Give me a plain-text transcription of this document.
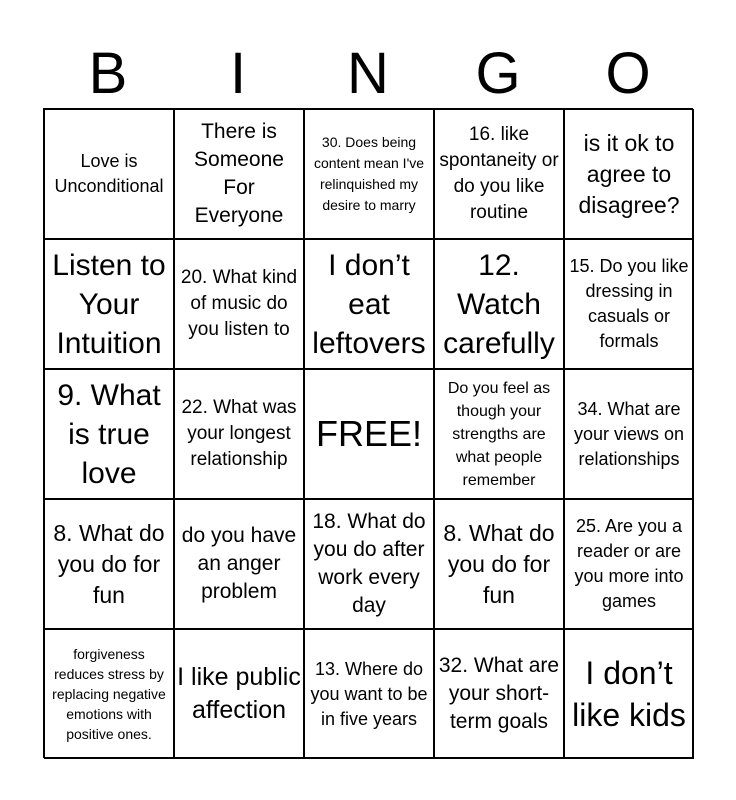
B	I	N	G	O
Love is Unconditional
There is Someone For Everyone
30. Does being content mean I've relinquished my desire to marry
16. like spontaneity or do you like routine
is it ok to agree to disagree?
Listen to Your Intuition
20. What kind of music do you listen to
I don’t eat leftovers
12. Watch carefully
15. Do you like dressing in casuals or formals
9. What is true love
22. What was your longest relationship
FREE!
Do you feel as though your strengths are what people remember
34. What are your views on relationships
8. What do you do for fun
do you have an anger problem
18. What do you do after work every day
8. What do you do for fun
25. Are you a reader or are you more into games
forgiveness reduces stress by replacing negative emotions with positive ones.
I like public affection
13. Where do you want to be in five years
32. What are your short-term goals
I don’t like kids
